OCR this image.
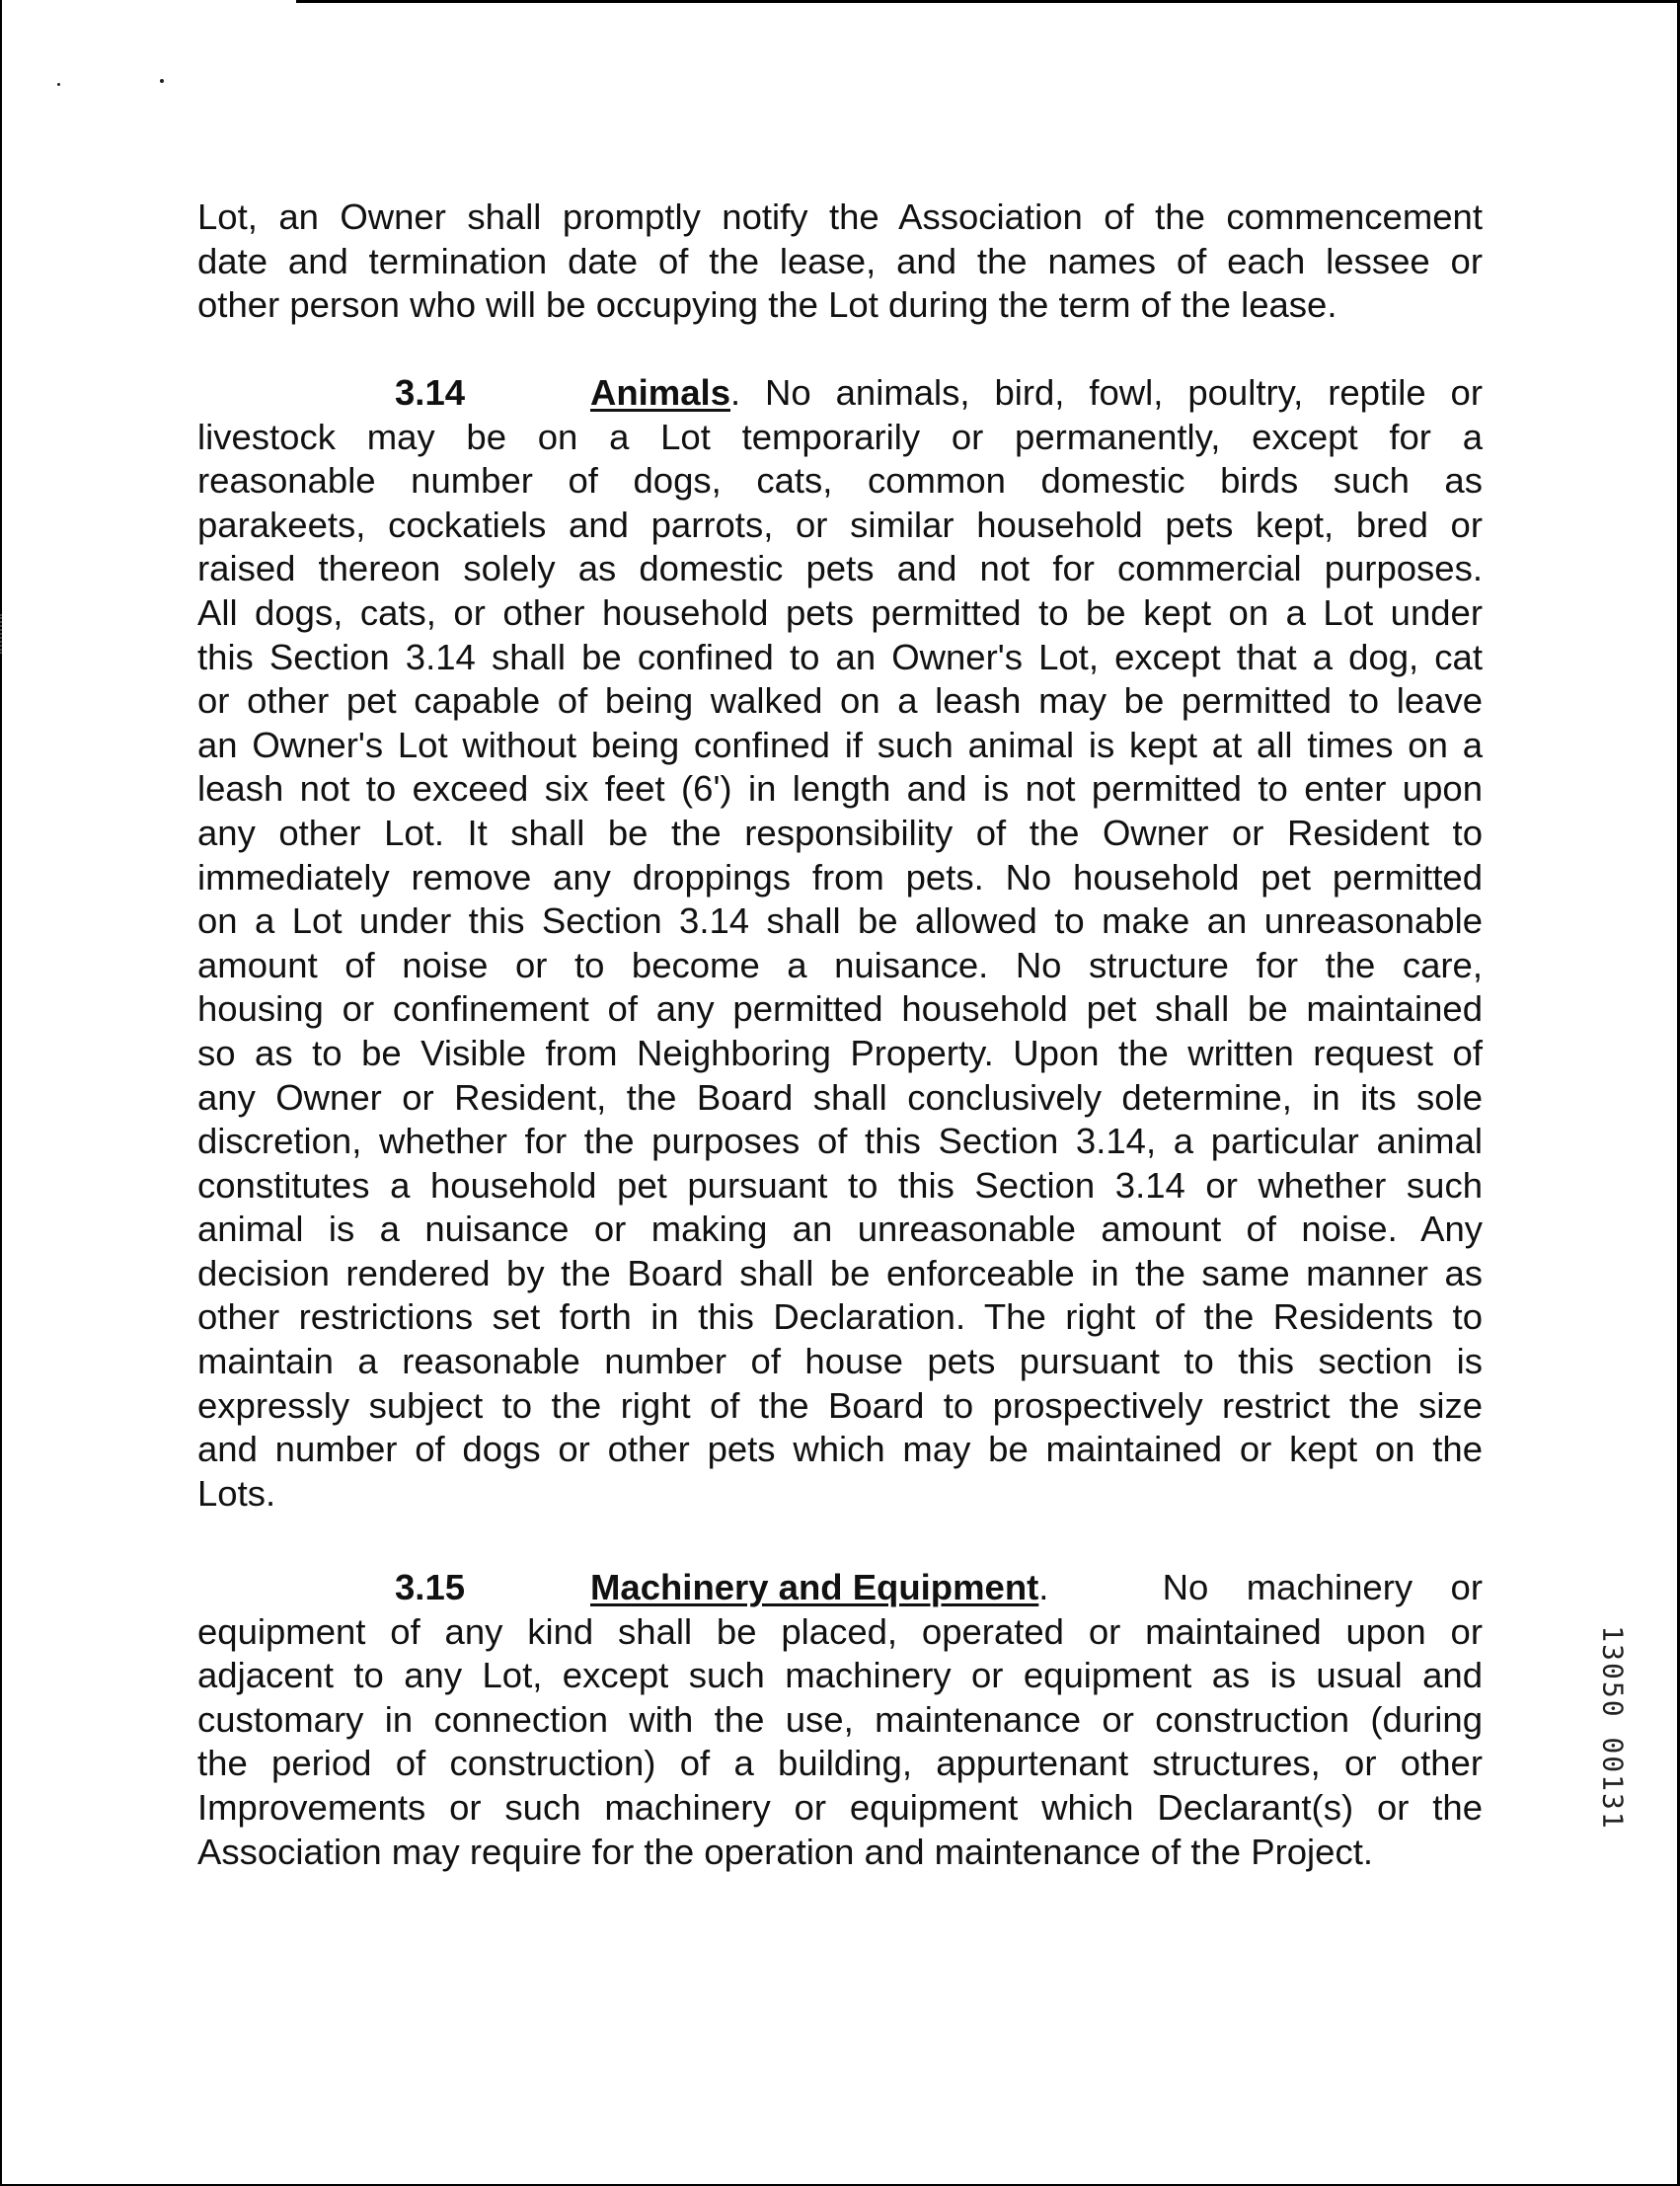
Lot, an Owner shall promptly notify the Association of the commencement
date and termination date of the lease, and the names of each lessee or
other person who will be occupying the Lot during the term of the lease.
3.14	Animals . No animals, bird, fowl, poultry, reptile or
livestock may be on a Lot temporarily or permanently, except for a
reasonable number of dogs, cats, common domestic birds such as
parakeets, cockatiels and parrots, or similar household pets kept, bred or
raised thereon solely as domestic pets and not for commercial purposes.
All dogs, cats, or other household pets permitted to be kept on a Lot under
this Section 3.14 shall be confined to an Owner's Lot, except that a dog, cat
or other pet capable of being walked on a leash may be permitted to leave
an Owner's Lot without being confined if such animal is kept at all times on a
leash not to exceed six feet (6') in length and is not permitted to enter upon
any other Lot. It shall be the responsibility of the Owner or Resident to
immediately remove any droppings from pets. No household pet permitted
on a Lot under this Section 3.14 shall be allowed to make an unreasonable
amount of noise or to become a nuisance. No structure for the care,
housing or confinement of any permitted household pet shall be maintained
so as to be Visible from Neighboring Property. Upon the written request of
any Owner or Resident, the Board shall conclusively determine, in its sole
discretion, whether for the purposes of this Section 3.14, a particular animal
constitutes a household pet pursuant to this Section 3.14 or whether such
animal is a nuisance or making an unreasonable amount of noise. Any
decision rendered by the Board shall be enforceable in the same manner as
other restrictions set forth in this Declaration. The right of the Residents to
maintain a reasonable number of house pets pursuant to this section is
expressly subject to the right of the Board to prospectively restrict the size
and number of dogs or other pets which may be maintained or kept on the
Lots.
3.15	Machinery and Equipment .   No machinery or
equipment of any kind shall be placed, operated or maintained upon or
adjacent to any Lot, except such machinery or equipment as is usual and
customary in connection with the use, maintenance or construction (during
the period of construction) of a building, appurtenant structures, or other
Improvements or such machinery or equipment which Declarant(s) or the
Association may require for the operation and maintenance of the Project.
13050 00131
